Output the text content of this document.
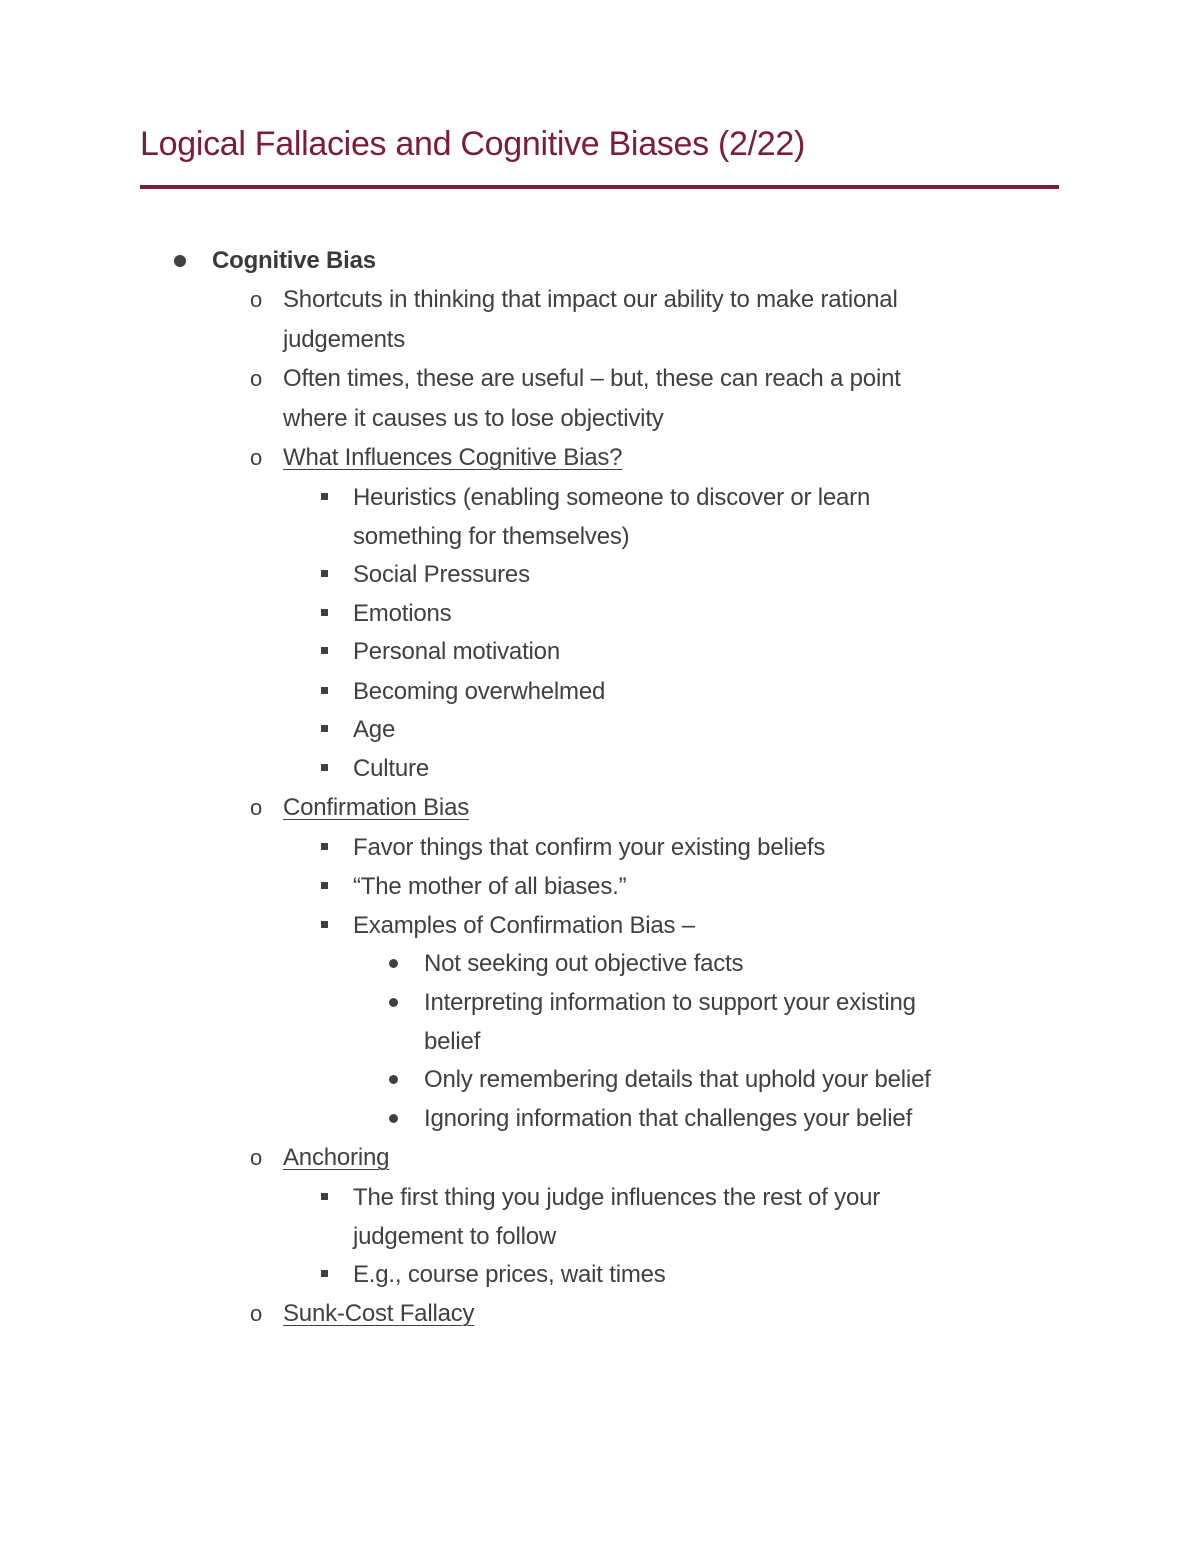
Logical Fallacies and Cognitive Biases (2/22)
Cognitive Bias
o Shortcuts in thinking that impact our ability to make rational
judgements
o Often times, these are useful – but, these can reach a point
where it causes us to lose objectivity
o What Influences Cognitive Bias?
Heuristics (enabling someone to discover or learn
something for themselves)
Social Pressures
Emotions
Personal motivation
Becoming overwhelmed
Age
Culture
o Confirmation Bias
Favor things that confirm your existing beliefs
“The mother of all biases.”
Examples of Confirmation Bias –
Not seeking out objective facts
Interpreting information to support your existing
belief
Only remembering details that uphold your belief
Ignoring information that challenges your belief
o Anchoring
The first thing you judge influences the rest of your
judgement to follow
E.g., course prices, wait times
o Sunk-Cost Fallacy
